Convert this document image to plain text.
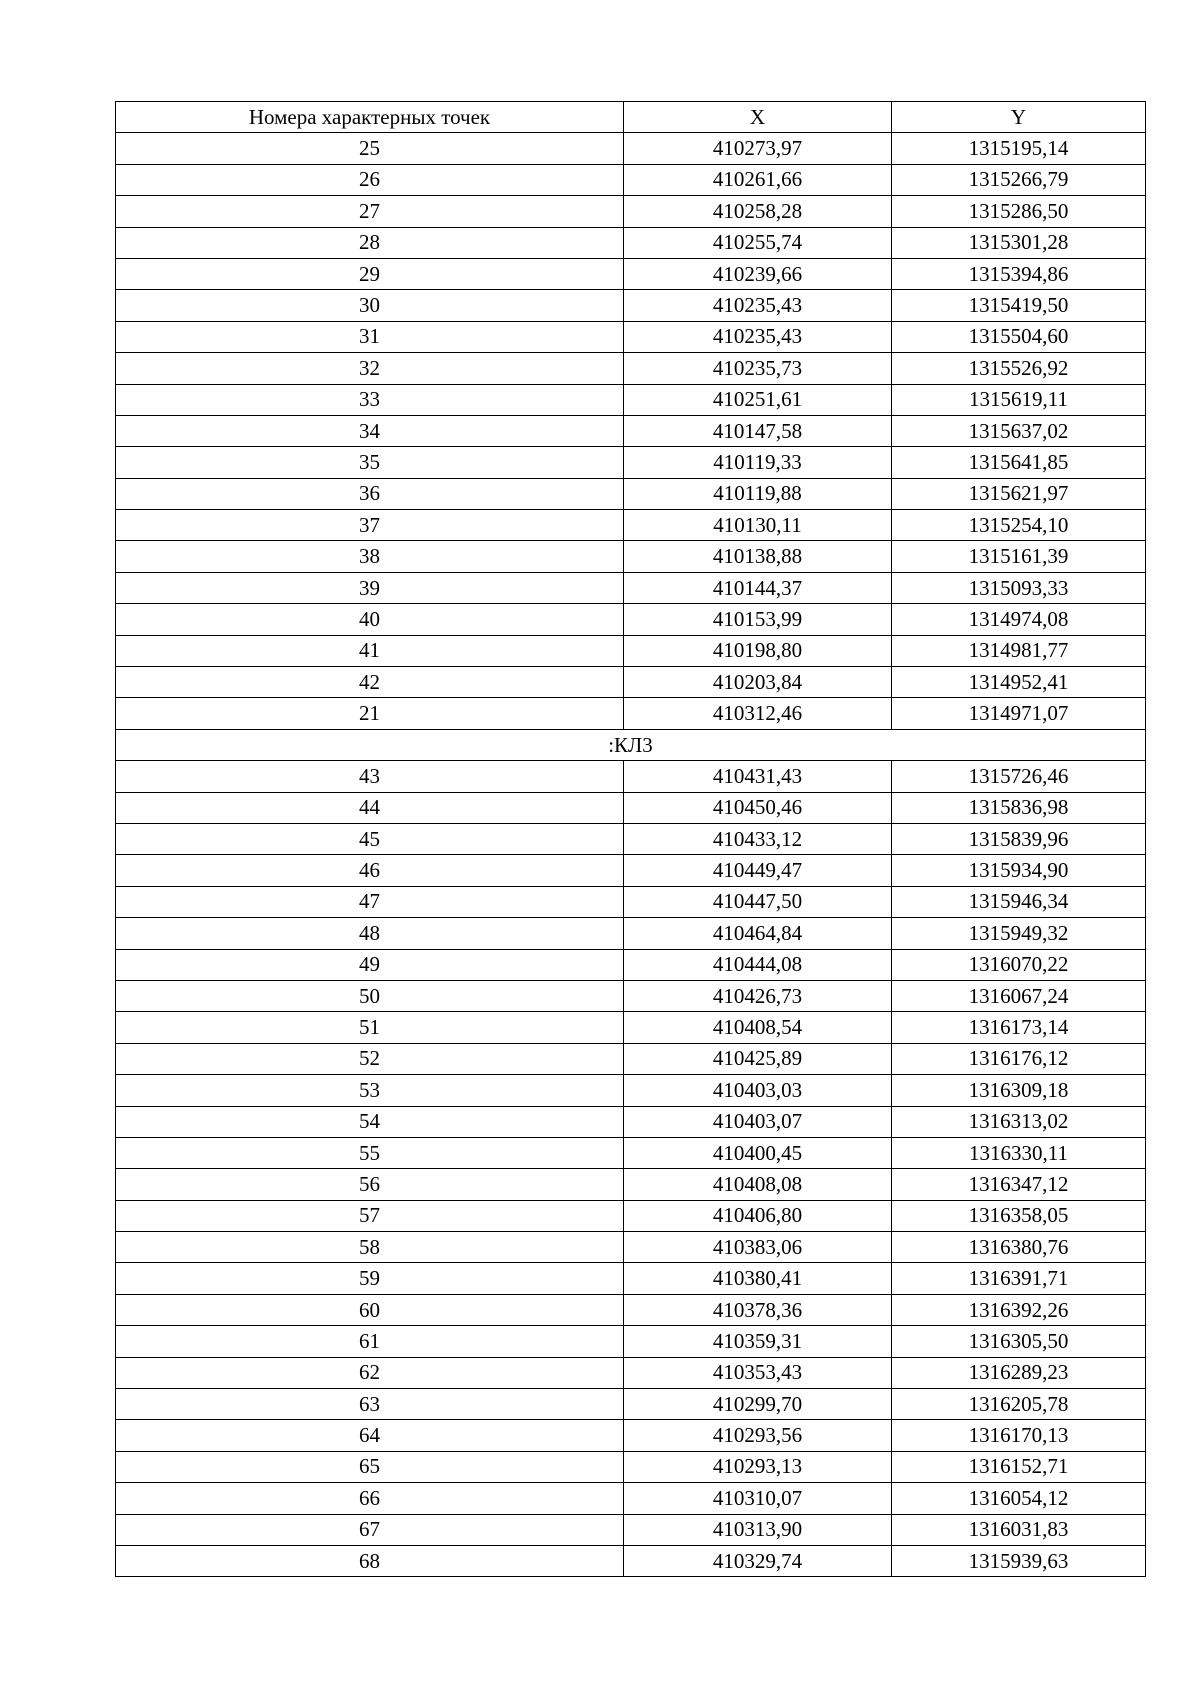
Номера характерных точек	X	Y
25	410273,97	1315195,14
26	410261,66	1315266,79
27	410258,28	1315286,50
28	410255,74	1315301,28
29	410239,66	1315394,86
30	410235,43	1315419,50
31	410235,43	1315504,60
32	410235,73	1315526,92
33	410251,61	1315619,11
34	410147,58	1315637,02
35	410119,33	1315641,85
36	410119,88	1315621,97
37	410130,11	1315254,10
38	410138,88	1315161,39
39	410144,37	1315093,33
40	410153,99	1314974,08
41	410198,80	1314981,77
42	410203,84	1314952,41
21	410312,46	1314971,07
:КЛ3		
43	410431,43	1315726,46
44	410450,46	1315836,98
45	410433,12	1315839,96
46	410449,47	1315934,90
47	410447,50	1315946,34
48	410464,84	1315949,32
49	410444,08	1316070,22
50	410426,73	1316067,24
51	410408,54	1316173,14
52	410425,89	1316176,12
53	410403,03	1316309,18
54	410403,07	1316313,02
55	410400,45	1316330,11
56	410408,08	1316347,12
57	410406,80	1316358,05
58	410383,06	1316380,76
59	410380,41	1316391,71
60	410378,36	1316392,26
61	410359,31	1316305,50
62	410353,43	1316289,23
63	410299,70	1316205,78
64	410293,56	1316170,13
65	410293,13	1316152,71
66	410310,07	1316054,12
67	410313,90	1316031,83
68	410329,74	1315939,63
